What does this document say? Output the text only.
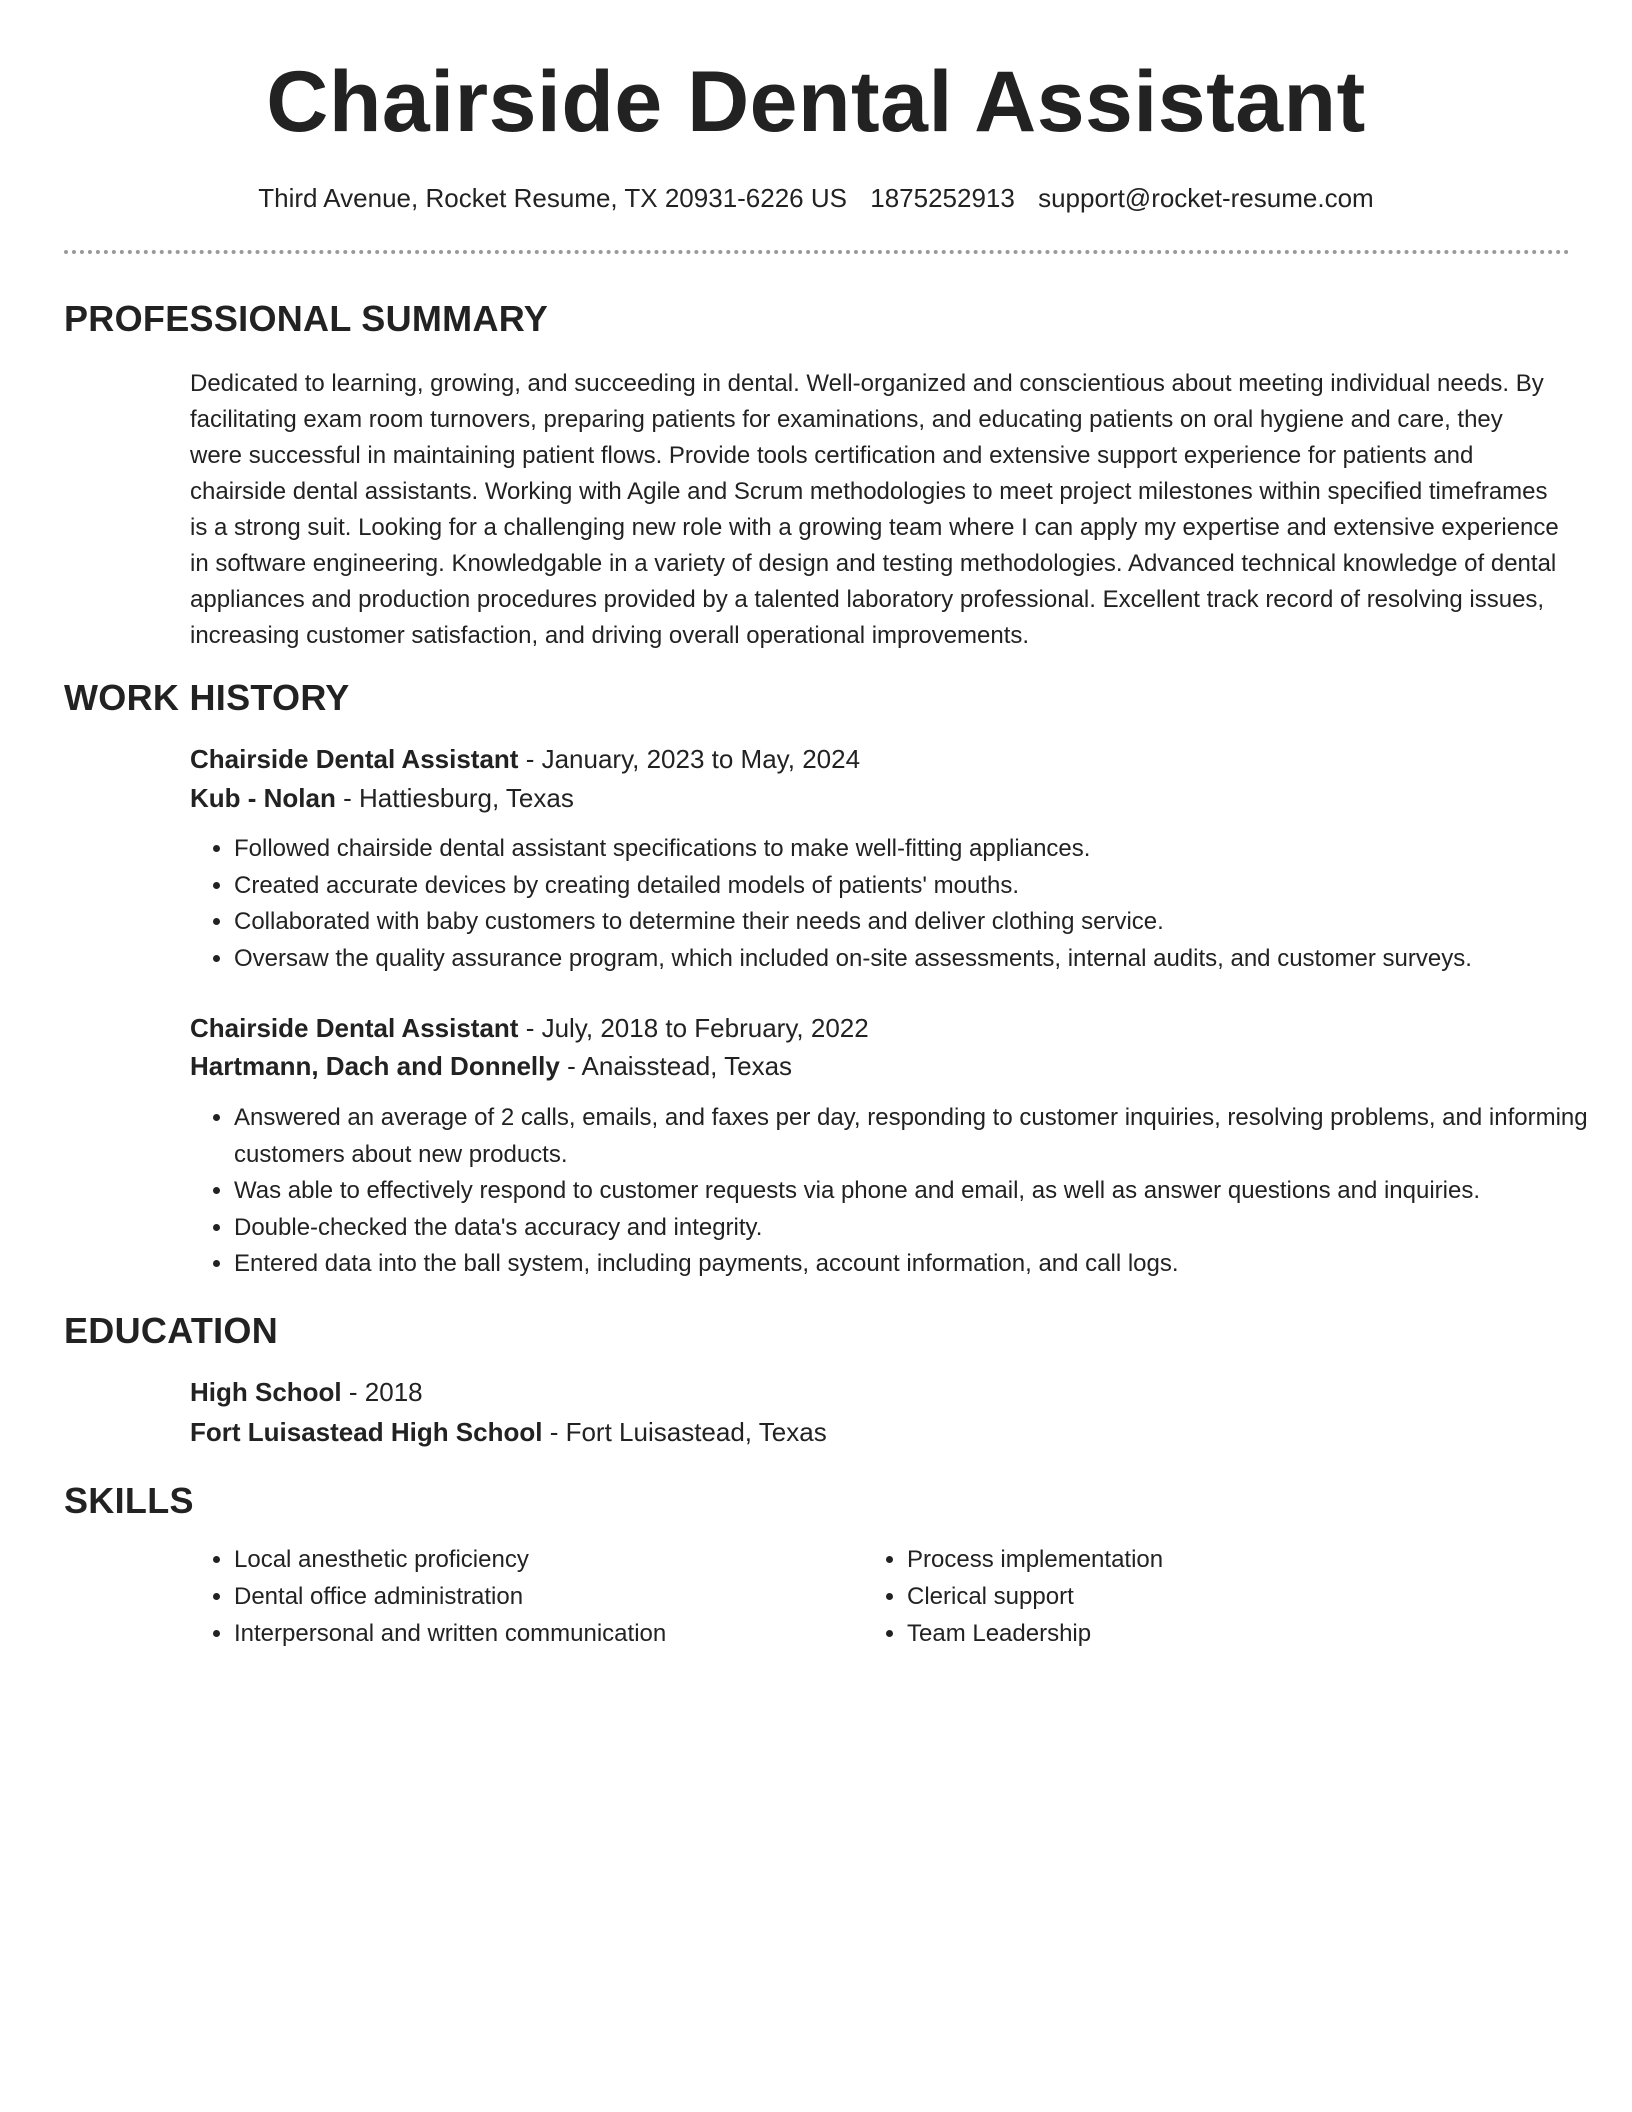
Chairside Dental Assistant
Third Avenue, Rocket Resume, TX 20931-6226 US 1875252913 support@rocket-resume.com
PROFESSIONAL SUMMARY

Dedicated to learning, growing, and succeeding in dental. Well-organized and conscientious about meeting individual needs. By facilitating exam room turnovers, preparing patients for examinations, and educating patients on oral hygiene and care, they were successful in maintaining patient flows. Provide tools certification and extensive support experience for patients and chairside dental assistants. Working with Agile and Scrum methodologies to meet project milestones within specified timeframes is a strong suit. Looking for a challenging new role with a growing team where I can apply my expertise and extensive experience in software engineering. Knowledgable in a variety of design and testing methodologies. Advanced technical knowledge of dental appliances and production procedures provided by a talented laboratory professional. Excellent track record of resolving issues, increasing customer satisfaction, and driving overall operational improvements.

WORK HISTORY
Chairside Dental Assistant - January, 2023 to May, 2024
Kub - Nolan - Hattiesburg, Texas
• Followed chairside dental assistant specifications to make well-fitting appliances.
• Created accurate devices by creating detailed models of patients' mouths.
• Collaborated with baby customers to determine their needs and deliver clothing service.
• Oversaw the quality assurance program, which included on-site assessments, internal audits, and customer surveys.
Chairside Dental Assistant - July, 2018 to February, 2022
Hartmann, Dach and Donnelly - Anaisstead, Texas
• Answered an average of 2 calls, emails, and faxes per day, responding to customer inquiries, resolving problems, and informing customers about new products.
• Was able to effectively respond to customer requests via phone and email, as well as answer questions and inquiries.
• Double-checked the data's accuracy and integrity.
• Entered data into the ball system, including payments, account information, and call logs.
EDUCATION
High School - 2018
Fort Luisastead High School - Fort Luisastead, Texas
SKILLS
• Local anesthetic proficiency
• Dental office administration
• Interpersonal and written communication
• Process implementation
• Clerical support
• Team Leadership
